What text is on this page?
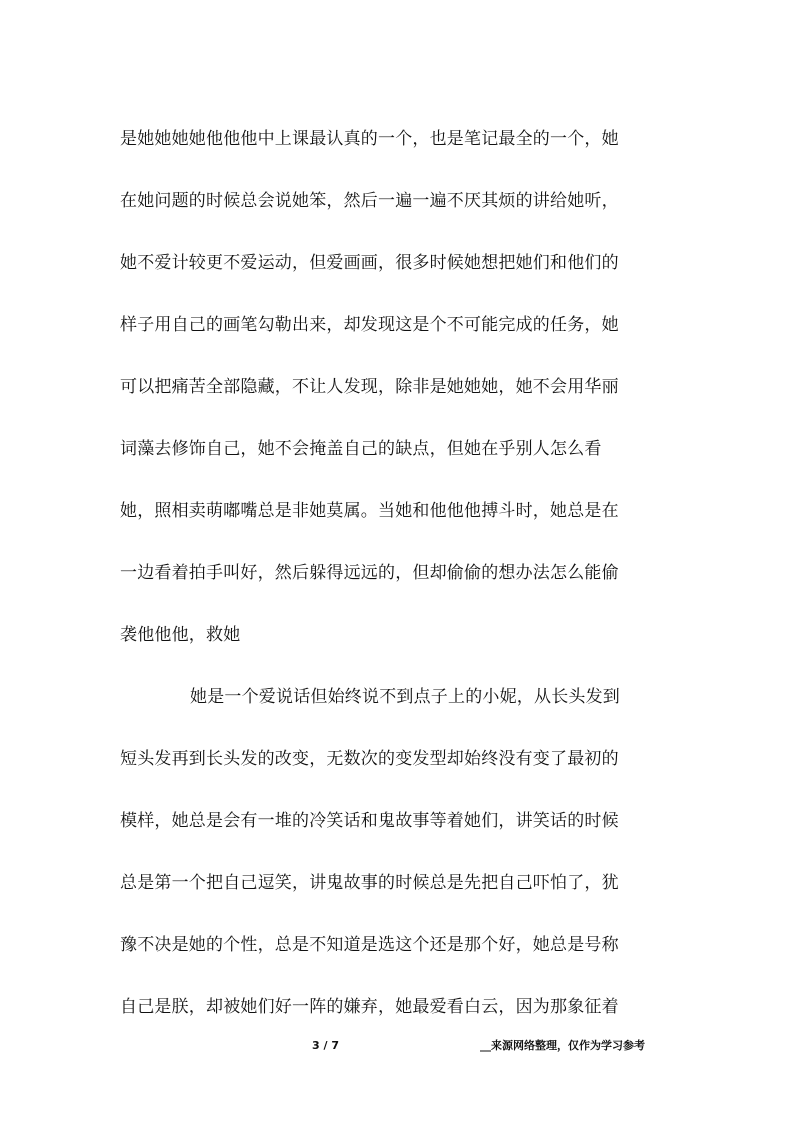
是她她她她他他他中上课最认真的一个，也是笔记最全的一个，她
在她问题的时候总会说她笨，然后一遍一遍不厌其烦的讲给她听，
她不爱计较更不爱运动，但爱画画，很多时候她想把她们和他们的
样子用自己的画笔勾勒出来，却发现这是个不可能完成的任务，她
可以把痛苦全部隐藏，不让人发现，除非是她她她，她不会用华丽
词藻去修饰自己，她不会掩盖自己的缺点，但她在乎别人怎么看
她，照相卖萌嘟嘴总是非她莫属。当她和他他他搏斗时，她总是在
一边看着拍手叫好，然后躲得远远的，但却偷偷的想办法怎么能偷
袭他他他，救她
她是一个爱说话但始终说不到点子上的小妮，从长头发到
短头发再到长头发的改变，无数次的变发型却始终没有变了最初的
模样，她总是会有一堆的冷笑话和鬼故事等着她们，讲笑话的时候
总是第一个把自己逗笑，讲鬼故事的时候总是先把自己吓怕了，犹
豫不决是她的个性，总是不知道是选这个还是那个好，她总是号称
自己是朕，却被她们好一阵的嫌弃，她最爱看白云，因为那象征着
3 / 7	__来源网络整理，仅作为学习参考
